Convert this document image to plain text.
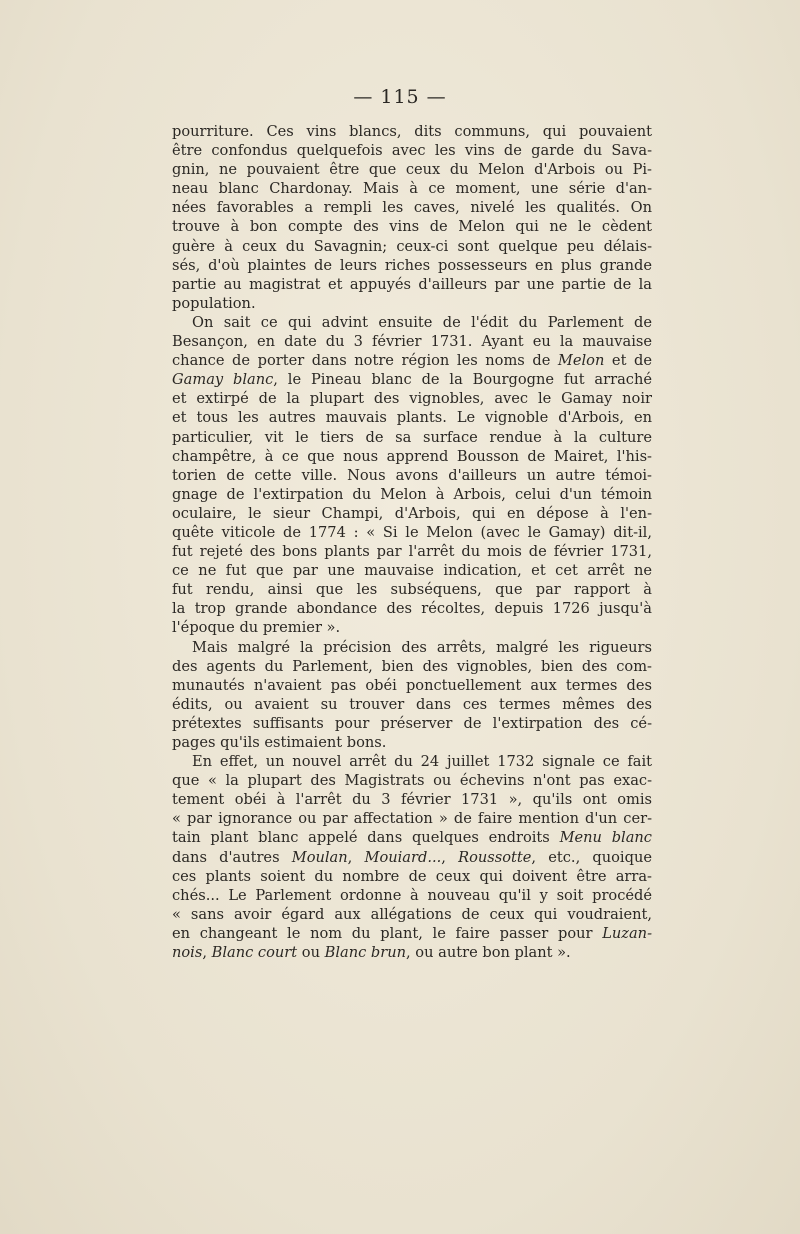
— 115 —
pourriture. Ces vins blancs, dits communs, qui pouvaient
être confondus quelquefois avec les vins de garde du Sava-
gnin, ne pouvaient être que ceux du Melon d'Arbois ou Pi-
neau blanc Chardonay. Mais à ce moment, une série d'an-
nées favorables a rempli les caves, nivelé les qualités. On
trouve à bon compte des vins de Melon qui ne le cèdent
guère à ceux du Savagnin; ceux-ci sont quelque peu délais-
sés, d'où plaintes de leurs riches possesseurs en plus grande
partie au magistrat et appuyés d'ailleurs par une partie de la
population.
On sait ce qui advint ensuite de l'édit du Parlement de
Besançon, en date du 3 février 1731. Ayant eu la mauvaise
chance de porter dans notre région les noms de Melon et de
Gamay blanc, le Pineau blanc de la Bourgogne fut arraché
et extirpé de la plupart des vignobles, avec le Gamay noir
et tous les autres mauvais plants. Le vignoble d'Arbois, en
particulier, vit le tiers de sa surface rendue à la culture
champêtre, à ce que nous apprend Bousson de Mairet, l'his-
torien de cette ville. Nous avons d'ailleurs un autre témoi-
gnage de l'extirpation du Melon à Arbois, celui d'un témoin
oculaire, le sieur Champi, d'Arbois, qui en dépose à l'en-
quête viticole de 1774 : « Si le Melon (avec le Gamay) dit-il,
fut rejeté des bons plants par l'arrêt du mois de février 1731,
ce ne fut que par une mauvaise indication, et cet arrêt ne
fut rendu, ainsi que les subséquens, que par rapport à
la trop grande abondance des récoltes, depuis 1726 jusqu'à
l'époque du premier ».
Mais malgré la précision des arrêts, malgré les rigueurs
des agents du Parlement, bien des vignobles, bien des com-
munautés n'avaient pas obéi ponctuellement aux termes des
édits, ou avaient su trouver dans ces termes mêmes des
prétextes suffisants pour préserver de l'extirpation des cé-
pages qu'ils estimaient bons.
En effet, un nouvel arrêt du 24 juillet 1732 signale ce fait
que « la plupart des Magistrats ou échevins n'ont pas exac-
tement obéi à l'arrêt du 3 février 1731 », qu'ils ont omis
« par ignorance ou par affectation » de faire mention d'un cer-
tain plant blanc appelé dans quelques endroits Menu blanc
dans d'autres Moulan, Mouiard..., Roussotte, etc., quoique
ces plants soient du nombre de ceux qui doivent être arra-
chés... Le Parlement ordonne à nouveau qu'il y soit procédé
« sans avoir égard aux allégations de ceux qui voudraient,
en changeant le nom du plant, le faire passer pour Luzan-
nois, Blanc court ou Blanc brun, ou autre bon plant ».
